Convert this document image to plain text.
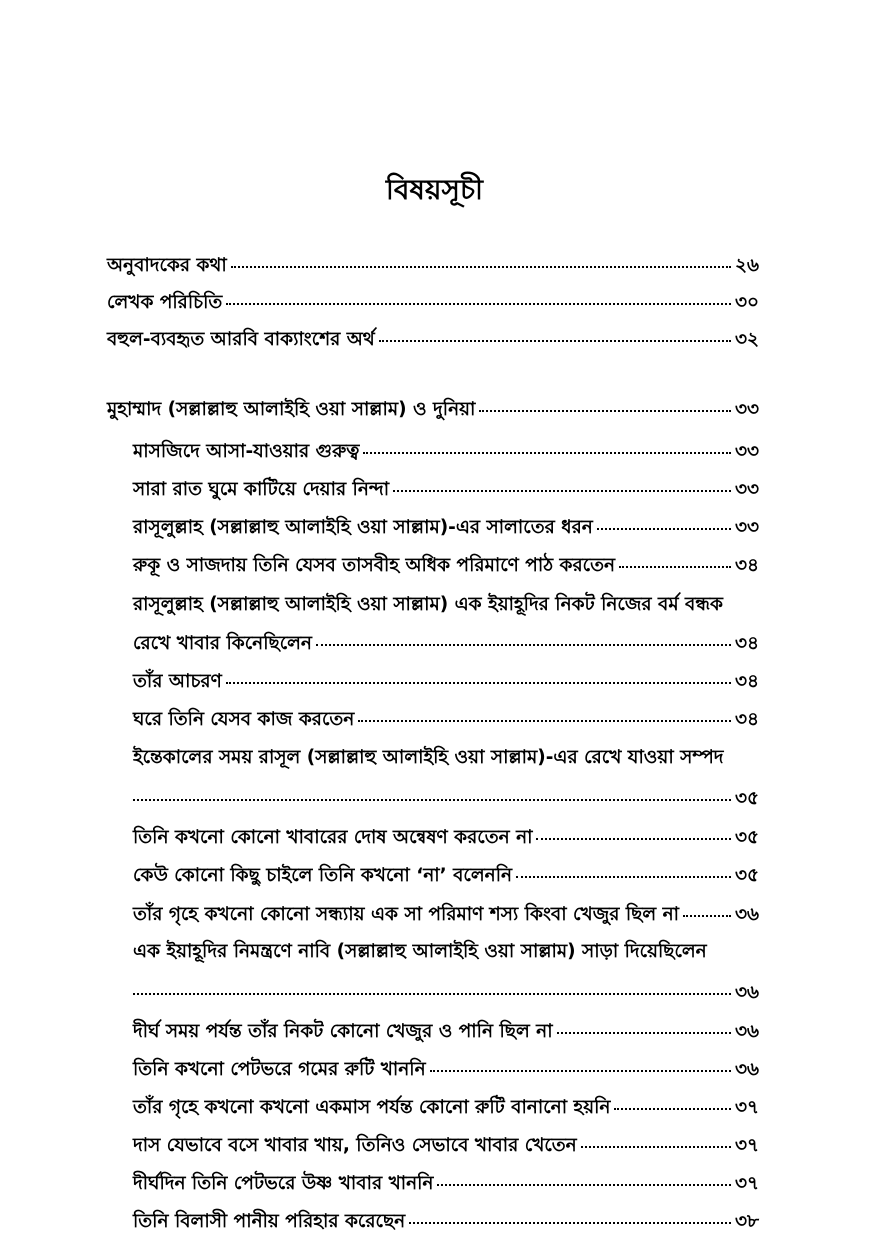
বিষয়সূচী
অনুবাদকের কথা	২৬
লেখক পরিচিতি	৩০
বহুল-ব্যবহৃত আরবি বাক্যাংশের অর্থ	৩২
মুহাম্মাদ (সল্লাল্লাহু আলাইহি ওয়া সাল্লাম) ও দুনিয়া	৩৩
মাসজিদে আসা-যাওয়ার গুরুত্ব	৩৩
সারা রাত ঘুমে কাটিয়ে দেয়ার নিন্দা	৩৩
রাসূলুল্লাহ (সল্লাল্লাহু আলাইহি ওয়া সাল্লাম)-এর সালাতের ধরন	৩৩
রুকূ ও সাজদায় তিনি যেসব তাসবীহ অধিক পরিমাণে পাঠ করতেন	৩৪
রাসূলুল্লাহ (সল্লাল্লাহু আলাইহি ওয়া সাল্লাম) এক ইয়াহূদির নিকট নিজের বর্ম বন্ধক
রেখে খাবার কিনেছিলেন	৩৪
তাঁর আচরণ	৩৪
ঘরে তিনি যেসব কাজ করতেন	৩৪
ইন্তেকালের সময় রাসূল (সল্লাল্লাহু আলাইহি ওয়া সাল্লাম)-এর রেখে যাওয়া সম্পদ
৩৫
তিনি কখনো কোনো খাবারের দোষ অন্বেষণ করতেন না	৩৫
কেউ কোনো কিছু চাইলে তিনি কখনো ‘না’ বলেননি	৩৫
তাঁর গৃহে কখনো কোনো সন্ধ্যায় এক সা পরিমাণ শস্য কিংবা খেজুর ছিল না	৩৬
এক ইয়াহূদির নিমন্ত্রণে নাবি (সল্লাল্লাহু আলাইহি ওয়া সাল্লাম) সাড়া দিয়েছিলেন
৩৬
দীর্ঘ সময় পর্যন্ত তাঁর নিকট কোনো খেজুর ও পানি ছিল না	৩৬
তিনি কখনো পেটভরে গমের রুটি খাননি	৩৬
তাঁর গৃহে কখনো কখনো একমাস পর্যন্ত কোনো রুটি বানানো হয়নি	৩৭
দাস যেভাবে বসে খাবার খায়, তিনিও সেভাবে খাবার খেতেন	৩৭
দীর্ঘদিন তিনি পেটভরে উষ্ণ খাবার খাননি	৩৭
তিনি বিলাসী পানীয় পরিহার করেছেন	৩৮
